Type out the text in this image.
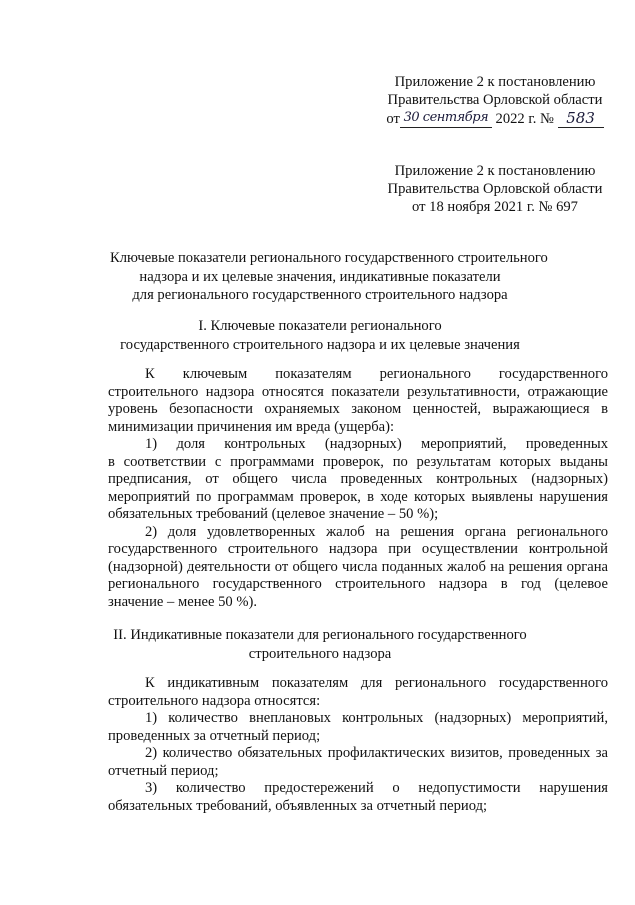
Приложение 2 к постановлению
Правительства Орловской области
от 30 сентября 2022 г. № 583
Приложение 2 к постановлению
Правительства Орловской области
от 18 ноября 2021 г. № 697
Ключевые показатели регионального государственного строительного
надзора и их целевые значения, индикативные показатели
для регионального государственного строительного надзора
I. Ключевые показатели регионального
государственного строительного надзора и их целевые значения
К ключевым показателям регионального государственного
строительного надзора относятся показатели результативности, отражающие уровень безопасности охраняемых законом ценностей, выражающиеся в минимизации причинения им вреда (ущерба):
1) доля контрольных (надзорных) мероприятий, проведенных
в соответствии с программами проверок, по результатам которых выданы предписания, от общего числа проведенных контрольных (надзорных) мероприятий по программам проверок, в ходе которых выявлены нарушения обязательных требований (целевое значение – 50 %);
2) доля удовлетворенных жалоб на решения органа регионального государственного строительного надзора при осуществлении контрольной (надзорной) деятельности от общего числа поданных жалоб на решения органа регионального государственного строительного надзора в год (целевое значение – менее 50 %).
II. Индикативные показатели для регионального государственного
строительного надзора
К индикативным показателям для регионального государственного строительного надзора относятся:
1) количество внеплановых контрольных (надзорных) мероприятий, проведенных за отчетный период;
2) количество обязательных профилактических визитов, проведенных за отчетный период;
3) количество предостережений о недопустимости нарушения
обязательных требований, объявленных за отчетный период;
